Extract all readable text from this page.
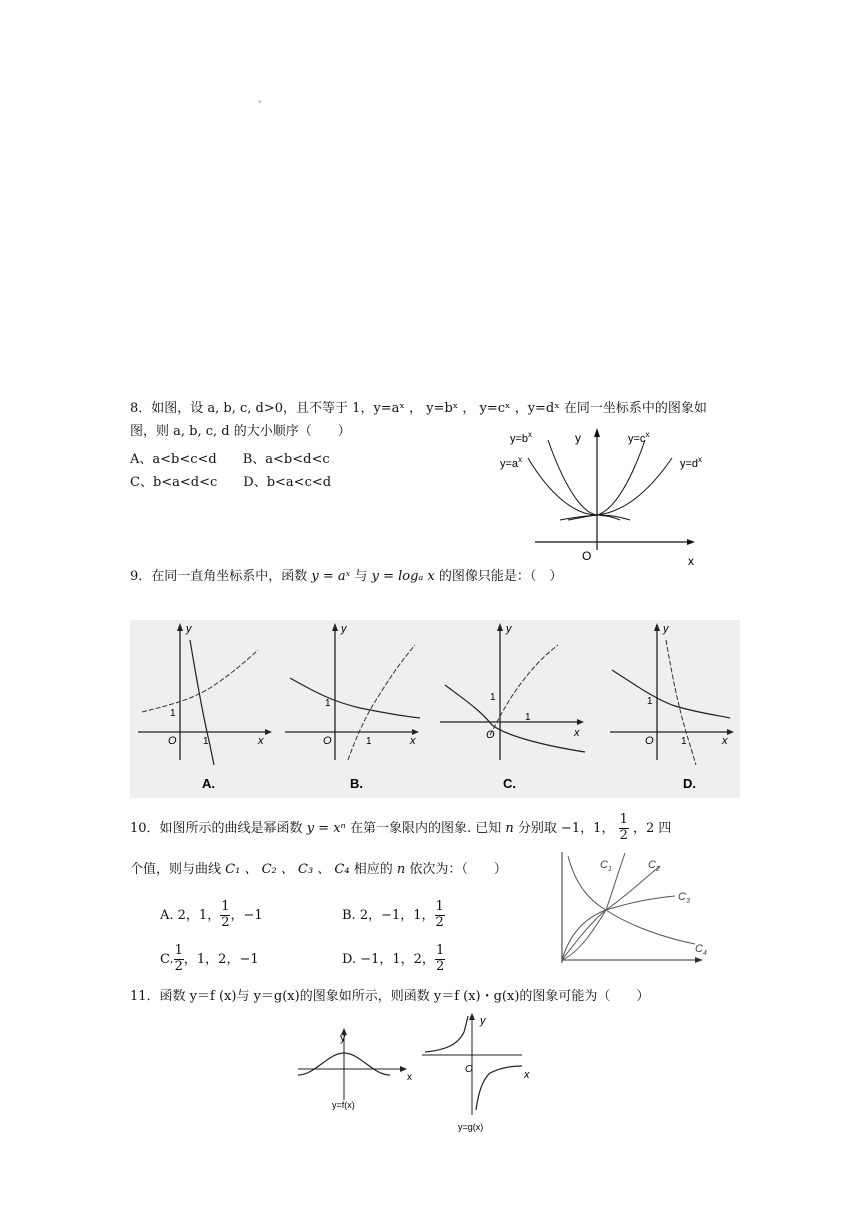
"
8．如图，设 a, b, c, d>0，且不等于 1，y=aˣ ， y=bˣ ， y=cˣ ，y=dˣ 在同一坐标系中的图象如
图，则 a, b, c, d 的大小顺序（　　）
A、a<b<c<d　　B、a<b<d<c
C、b<a<d<c　　D、b<a<c<d
$y=b^x$	y	$y=c^x$
$y=a^x$	$y=d^x$
O	x
9．在同一直角坐标系中，函数 y = aˣ 与 y = logₐ x 的图像只能是：（　）
y
1
O	1	x
A.
y
1
O	1	x
B.
y
1
O
1
x
C.
y
1
O	1	x
D.
10．如图所示的曲线是幂函数 y = xⁿ 在第一象限内的图象. 已知 n 分别取 −1，1， $\frac{1}{2}$ ，2 四
个值，则与曲线 C₁ 、 C₂ 、 C₃ 、 C₄ 相应的 n 依次为：（　　）
A. 2，1， $\frac{1}{2}$ ，−1	B. 2，−1，1， $\frac{1}{2}$
C. $\frac{1}{2}$ ，1，2，−1	D. −1，1，2， $\frac{1}{2}$
$C_1$	$C_2$
$C_3$
$C_4$
11．函数 y＝f (x)与 y＝g(x)的图象如所示，则函数 y＝f (x)・g(x)的图象可能为（　　）
y
x
y=f(x)
y
O	x
y=g(x)
